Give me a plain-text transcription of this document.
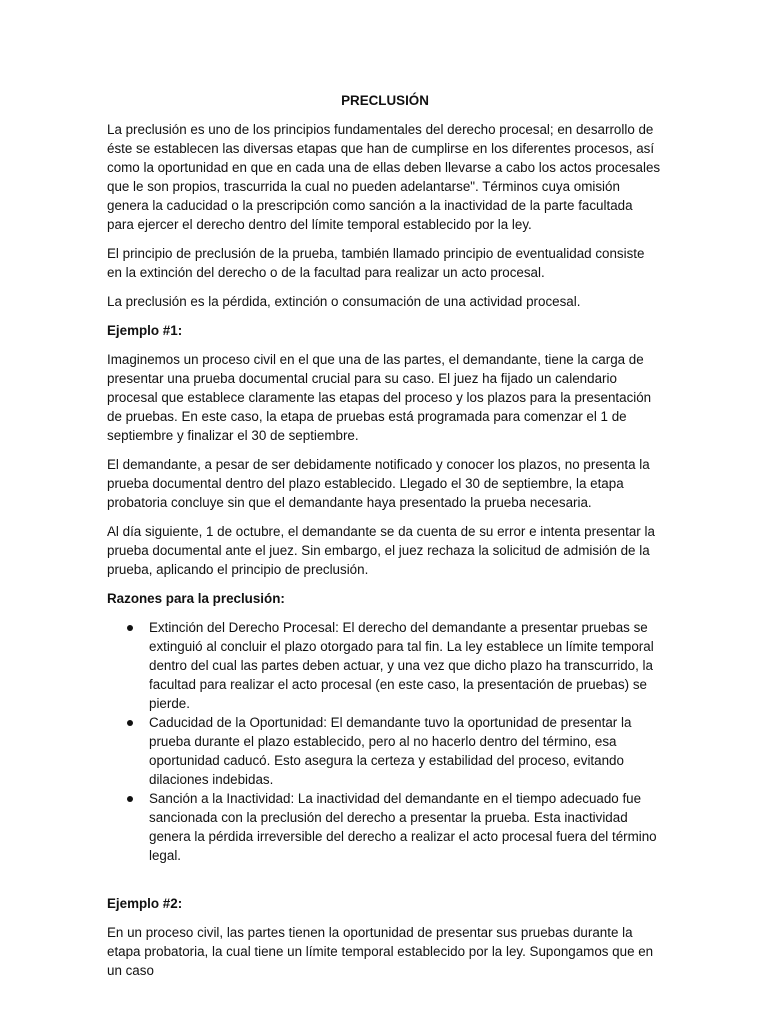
PRECLUSIÓN

La preclusión es uno de los principios fundamentales del derecho procesal; en desarrollo de éste se establecen las diversas etapas que han de cumplirse en los diferentes procesos, así como la oportunidad en que en cada una de ellas deben llevarse a cabo los actos procesales que le son propios, trascurrida la cual no pueden adelantarse". Términos cuya omisión genera la caducidad o la prescripción como sanción a la inactividad de la parte facultada para ejercer el derecho dentro del límite temporal establecido por la ley.

El principio de preclusión de la prueba, también llamado principio de eventualidad consiste en la extinción del derecho o de la facultad para realizar un acto procesal.

La preclusión es la pérdida, extinción o consumación de una actividad procesal.

Ejemplo #1:

Imaginemos un proceso civil en el que una de las partes, el demandante, tiene la carga de presentar una prueba documental crucial para su caso. El juez ha fijado un calendario procesal que establece claramente las etapas del proceso y los plazos para la presentación de pruebas. En este caso, la etapa de pruebas está programada para comenzar el 1 de septiembre y finalizar el 30 de septiembre.

El demandante, a pesar de ser debidamente notificado y conocer los plazos, no presenta la prueba documental dentro del plazo establecido. Llegado el 30 de septiembre, la etapa probatoria concluye sin que el demandante haya presentado la prueba necesaria.

Al día siguiente, 1 de octubre, el demandante se da cuenta de su error e intenta presentar la prueba documental ante el juez. Sin embargo, el juez rechaza la solicitud de admisión de la prueba, aplicando el principio de preclusión.

Razones para la preclusión:

Extinción del Derecho Procesal: El derecho del demandante a presentar pruebas se extinguió al concluir el plazo otorgado para tal fin. La ley establece un límite temporal dentro del cual las partes deben actuar, y una vez que dicho plazo ha transcurrido, la facultad para realizar el acto procesal (en este caso, la presentación de pruebas) se pierde.
Caducidad de la Oportunidad: El demandante tuvo la oportunidad de presentar la prueba durante el plazo establecido, pero al no hacerlo dentro del término, esa oportunidad caducó. Esto asegura la certeza y estabilidad del proceso, evitando dilaciones indebidas.
Sanción a la Inactividad: La inactividad del demandante en el tiempo adecuado fue sancionada con la preclusión del derecho a presentar la prueba. Esta inactividad genera la pérdida irreversible del derecho a realizar el acto procesal fuera del término legal.

Ejemplo #2:

En un proceso civil, las partes tienen la oportunidad de presentar sus pruebas durante la etapa probatoria, la cual tiene un límite temporal establecido por la ley. Supongamos que en un caso
